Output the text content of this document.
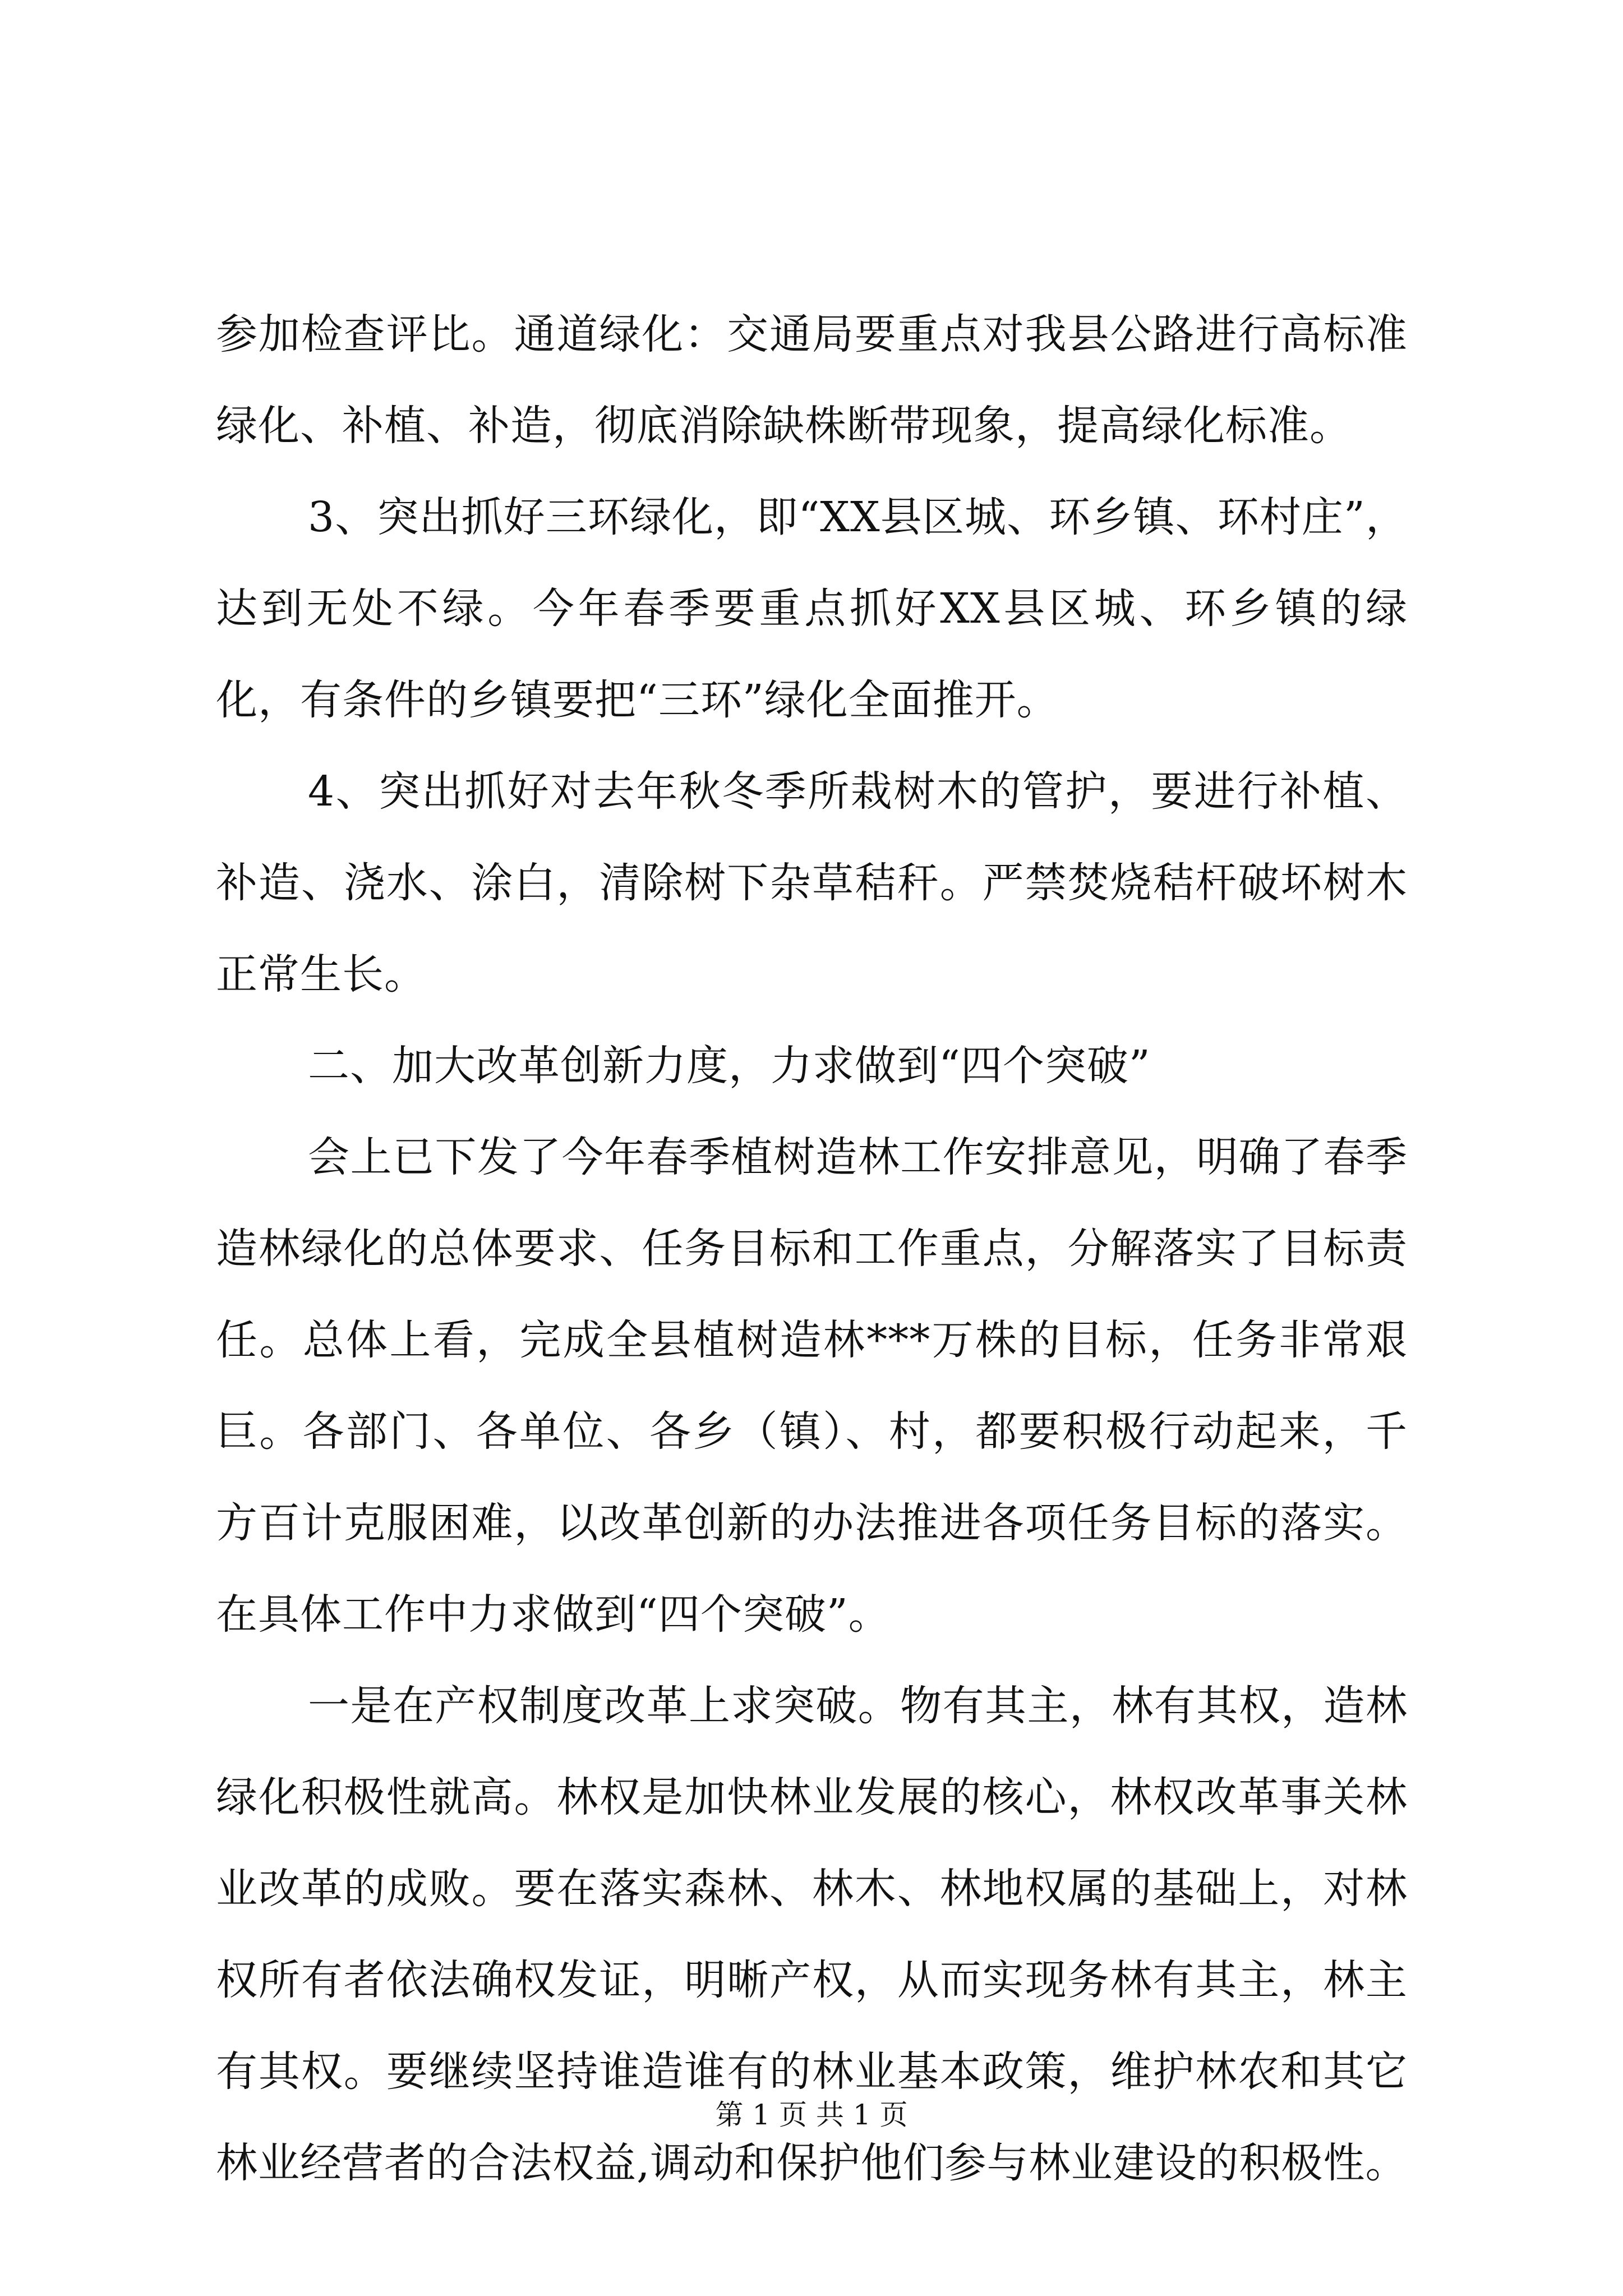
参加检查评比。通道绿化：交通局要重点对我县公路进行高标准绿化、补植、补造，彻底消除缺株断带现象，提高绿化标准。

3、突出抓好三环绿化，即“XX县区城、环乡镇、环村庄”，达到无处不绿。今年春季要重点抓好XX县区城、环乡镇的绿化，有条件的乡镇要把“三环”绿化全面推开。

4、突出抓好对去年秋冬季所栽树木的管护，要进行补植、补造、浇水、涂白，清除树下杂草秸秆。严禁焚烧秸杆破坏树木正常生长。

二、加大改革创新力度，力求做到“四个突破”

会上已下发了今年春季植树造林工作安排意见，明确了春季造林绿化的总体要求、任务目标和工作重点，分解落实了目标责任。总体上看，完成全县植树造林***万株的目标，任务非常艰巨。各部门、各单位、各乡（镇）、村，都要积极行动起来，千方百计克服困难，以改革创新的办法推进各项任务目标的落实。在具体工作中力求做到“四个突破”。

一是在产权制度改革上求突破。物有其主，林有其权，造林绿化积极性就高。林权是加快林业发展的核心，林权改革事关林业改革的成败。要在落实森林、林木、林地权属的基础上，对林权所有者依法确权发证，明晰产权，从而实现务林有其主，林主有其权。要继续坚持谁造谁有的林业基本政策，维护林农和其它林业经营者的合法权益,调动和保护他们参与林业建设的积极性。

第 1 页 共 1 页
